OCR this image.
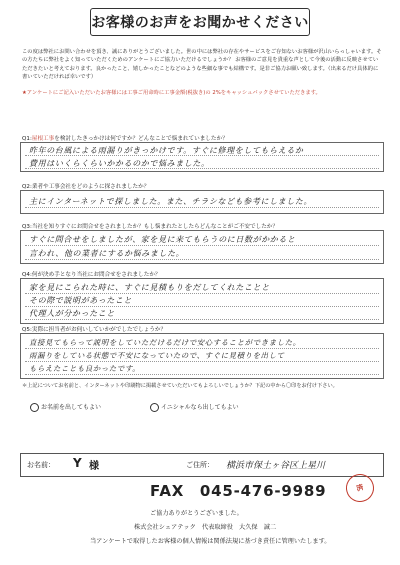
お客様のお声をお聞かせください

この度は弊社にお問い合わせを頂き、誠にありがとうございました。世の中には弊社の存在やサービスをご存知ないお客様が沢山いらっしゃいます。その方たちに弊社をよく知っていただくためのアンケートにご協力いただけるでしょうか？ お客様のご意見を貴重な声として今後の活動に反映させていただきたいと考えております。良かったこと、嬉しかったことなどのような些細な事でも結構です。是非ご協力お願い致します。（出来るだけ具体的に書いていただければ幸いです）

★アンケートにご記入いただいたお客様には工事ご用命時に工事金額(税抜き)の 2%をキャッシュバックさせていただきます。

Q1:屋根工事を検討したきっかけは何ですか？どんなことで悩まれていましたか？
昨年の台風による雨漏りがきっかけです。すぐに修理をしてもらえるか
費用はいくらくらいかかるのかで悩みました。
Q2:業者や工事会社をどのように探されましたか？
主にインターネットで探しました。また、チラシなども参考にしました。
Q3:当社を知りすぐにお問合せをされましたか？もし悩まれたとしたらどんなことがご不安でしたか？
すぐに問合せをしましたが、家を見に来てもらうのに日数がかかると
言われ、他の業者にするか悩みました。
Q4:何が決め手となり当社にお問合せをされましたか？
家を見にこられた時に、すぐに見積もりをだしてくれたことと
その際で説明があったこと
代理人が分かったこと
Q5:実際に担当者がお伺いしていかがでしたでしょうか？
直接見てもらって説明をしていただけるだけで安心することができました。
雨漏りをしている状態で不安になっていたので、すぐに見積りを出して
もらえたことも良かったです。
＊上記についてお名前と、インターネットや印刷物に掲載させていただいてもよろしいでしょうか？下記の中から〇印をお付け下さい。
お名前を出してもよい	イニシャルなら出してもよい
お名前： Y 様	ご住所： 横浜市保土ヶ谷区上星川
FAX　045-476-9989	済
ご協力ありがとうございました。
株式会社シェアテック　代表取締役　大久保　誠二
当アンケートで取得したお客様の個人情報は関係法規に基づき責任に管理いたします。
